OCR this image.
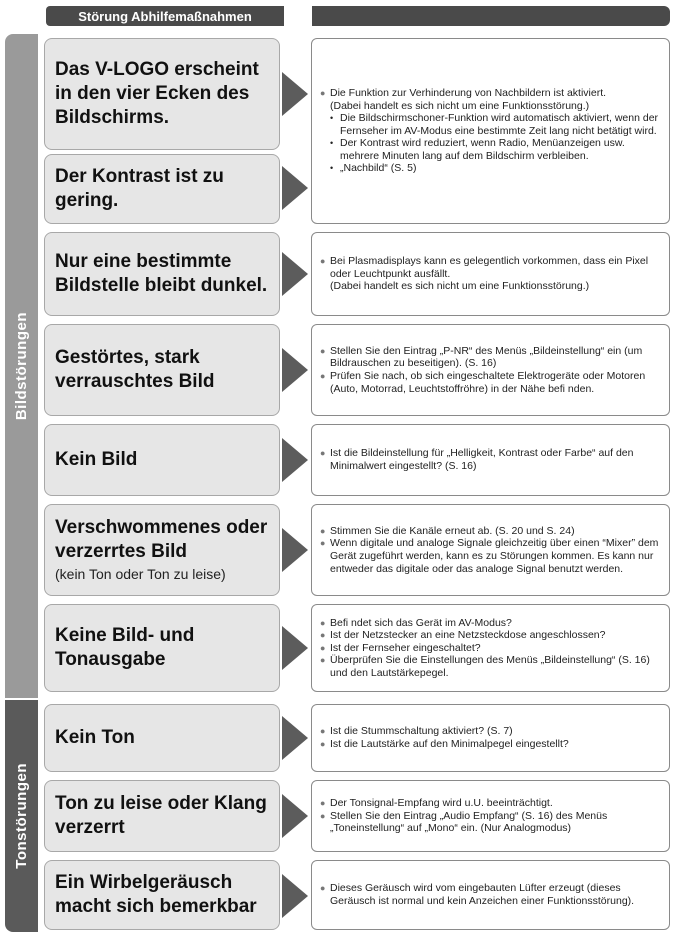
Störung Abhilfemaßnahmen
Bildstörungen
Tonstörungen
Das V-LOGO erscheint in den vier Ecken des Bildschirms.
Der Kontrast ist zu gering.
Nur eine bestimmte Bildstelle bleibt dunkel.
Gestörtes, stark verrauschtes Bild
Kein Bild
Verschwommenes oder verzerrtes Bild
(kein Ton oder Ton zu leise)
Keine Bild- und Tonausgabe
Kein Ton
Ton zu leise oder Klang verzerrt
Ein Wirbelgeräusch macht sich bemerkbar
● Die Funktion zur Verhinderung von Nachbildern ist aktiviert.
(Dabei handelt es sich nicht um eine Funktionsstörung.)
• Die Bildschirmschoner-Funktion wird automatisch aktiviert, wenn der Fernseher im AV-Modus eine bestimmte Zeit lang nicht betätigt wird.
• Der Kontrast wird reduziert, wenn Radio, Menüanzeigen usw. mehrere Minuten lang auf dem Bildschirm verbleiben.
• „Nachbild“ (S. 5)
● Bei Plasmadisplays kann es gelegentlich vorkommen, dass ein Pixel oder Leuchtpunkt ausfällt.
(Dabei handelt es sich nicht um eine Funktionsstörung.)
● Stellen Sie den Eintrag „P-NR“ des Menüs „Bildeinstellung“ ein (um Bildrauschen zu beseitigen). (S. 16)
● Prüfen Sie nach, ob sich eingeschaltete Elektrogeräte oder Motoren (Auto, Motorrad, Leuchtstoffröhre) in der Nähe befi nden.
● Ist die Bildeinstellung für „Helligkeit, Kontrast oder Farbe“ auf den Minimalwert eingestellt? (S. 16)
● Stimmen Sie die Kanäle erneut ab. (S. 20 und S. 24)
● Wenn digitale und analoge Signale gleichzeitig über einen “Mixer” dem Gerät zugeführt werden, kann es zu Störungen kommen. Es kann nur entweder das digitale oder das analoge Signal benutzt werden.
● Befi ndet sich das Gerät im AV-Modus?
● Ist der Netzstecker an eine Netzsteckdose angeschlossen?
● Ist der Fernseher eingeschaltet?
● Überprüfen Sie die Einstellungen des Menüs „Bildeinstellung“ (S. 16) und den Lautstärkepegel.
● Ist die Stummschaltung aktiviert? (S. 7)
● Ist die Lautstärke auf den Minimalpegel eingestellt?
● Der Tonsignal-Empfang wird u.U. beeinträchtigt.
● Stellen Sie den Eintrag „Audio Empfang“ (S. 16) des Menüs „Toneinstellung“ auf „Mono“ ein. (Nur Analogmodus)
● Dieses Geräusch wird vom eingebauten Lüfter erzeugt (dieses Geräusch ist normal und kein Anzeichen einer Funktionsstörung).
